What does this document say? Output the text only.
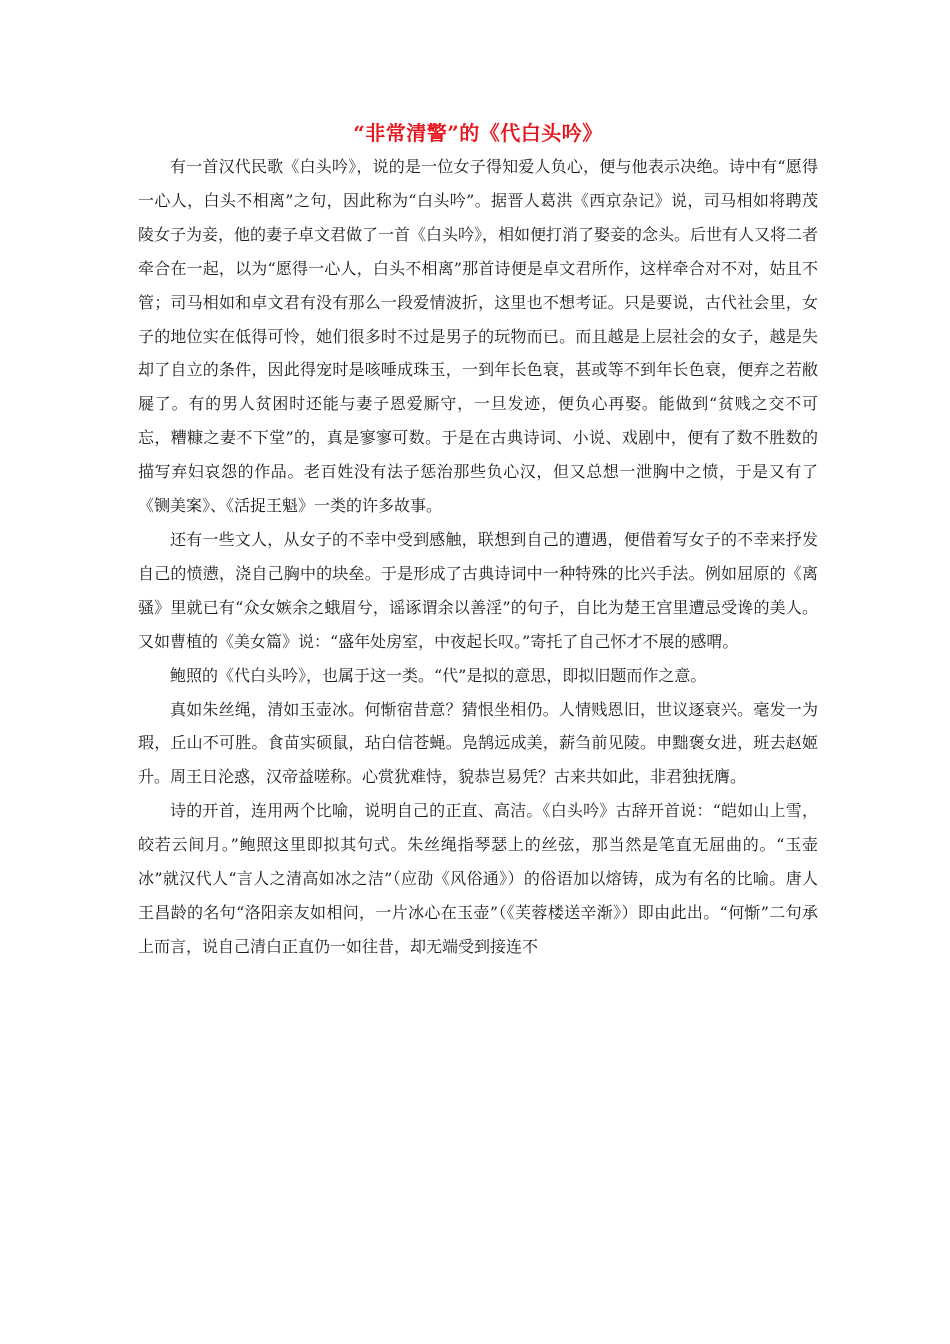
“非常清警”的《代白头吟》

有一首汉代民歌《白头吟》，说的是一位女子得知爱人负心，便与他表示决绝。诗中有“愿得一心人，白头不相离”之句，因此称为“白头吟”。据晋人葛洪《西京杂记》说，司马相如将聘茂陵女子为妾，他的妻子卓文君做了一首《白头吟》，相如便打消了娶妾的念头。后世有人又将二者牵合在一起，以为“愿得一心人，白头不相离”那首诗便是卓文君所作，这样牵合对不对，姑且不管；司马相如和卓文君有没有那么一段爱情波折，这里也不想考证。只是要说，古代社会里，女子的地位实在低得可怜，她们很多时不过是男子的玩物而已。而且越是上层社会的女子，越是失却了自立的条件，因此得宠时是咳唾成珠玉，一到年长色衰，甚或等不到年长色衰，便弃之若敝屣了。有的男人贫困时还能与妻子恩爱厮守，一旦发迹，便负心再娶。能做到“贫贱之交不可忘，糟糠之妻不下堂”的，真是寥寥可数。于是在古典诗词、小说、戏剧中，便有了数不胜数的描写弃妇哀怨的作品。老百姓没有法子惩治那些负心汉，但又总想一泄胸中之愤，于是又有了《铡美案》、《活捉王魁》一类的许多故事。

还有一些文人，从女子的不幸中受到感触，联想到自己的遭遇，便借着写女子的不幸来抒发自己的愤懑，浇自己胸中的块垒。于是形成了古典诗词中一种特殊的比兴手法。例如屈原的《离骚》里就已有“众女嫉余之蛾眉兮，谣诼谓余以善淫”的句子，自比为楚王宫里遭忌受谗的美人。又如曹植的《美女篇》说：“盛年处房室，中夜起长叹。”寄托了自己怀才不展的感喟。

鲍照的《代白头吟》，也属于这一类。“代”是拟的意思，即拟旧题而作之意。

真如朱丝绳，清如玉壶冰。何惭宿昔意？猜恨坐相仍。人情贱恩旧，世议逐衰兴。毫发一为瑕，丘山不可胜。食苗实硕鼠，玷白信苍蝇。凫鹄远成美，薪刍前见陵。申黜褒女进，班去赵姬升。周王日沦惑，汉帝益嗟称。心赏犹难恃，貌恭岂易凭？古来共如此，非君独抚膺。

诗的开首，连用两个比喻，说明自己的正直、高洁。《白头吟》古辞开首说：“皑如山上雪，皎若云间月。”鲍照这里即拟其句式。朱丝绳指琴瑟上的丝弦，那当然是笔直无屈曲的。“玉壶冰”就汉代人“言人之清高如冰之洁”（应劭《风俗通》）的俗语加以熔铸，成为有名的比喻。唐人王昌龄的名句“洛阳亲友如相问，一片冰心在玉壶”（《芙蓉楼送辛渐》）即由此出。“何惭”二句承上而言，说自己清白正直仍一如往昔，却无端受到接连不
